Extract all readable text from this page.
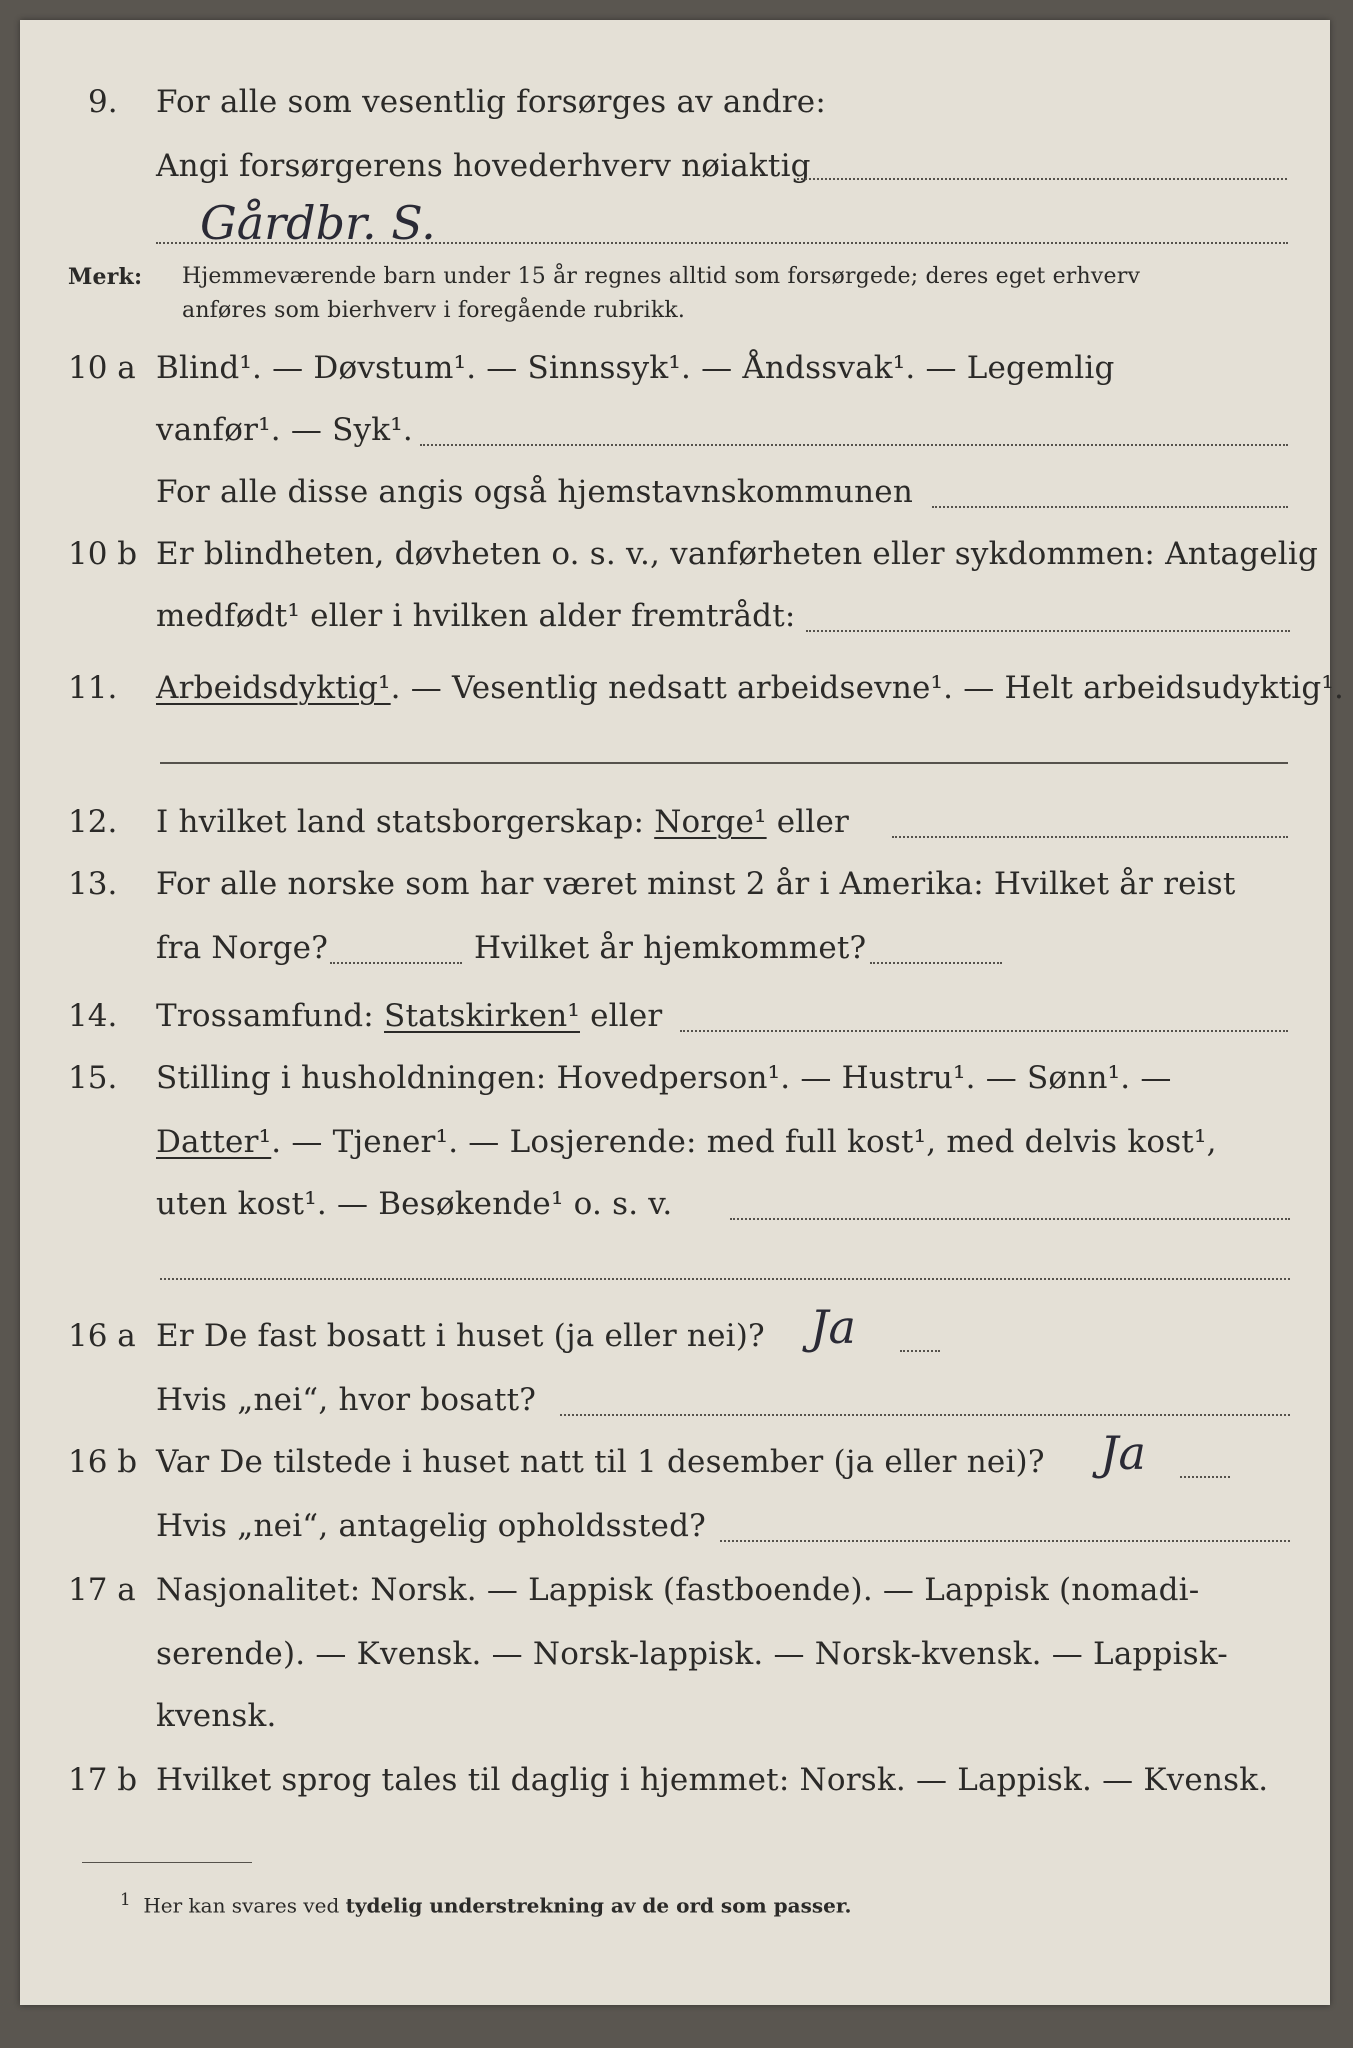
9. For alle som vesentlig forsørges av andre:
Angi forsørgerens hovederhverv nøiaktig
Gårdbr. S.
Merk: Hjemmeværende barn under 15 år regnes alltid som forsørgede; deres eget erhverv
anføres som bierhverv i foregående rubrikk.
10 a Blind¹. — Døvstum¹. — Sinnssyk¹. — Åndssvak¹. — Legemlig
vanfør¹. — Syk¹.
For alle disse angis også hjemstavnskommunen
10 b Er blindheten, døvheten o. s. v., vanførheten eller sykdommen: Antagelig
medfødt¹ eller i hvilken alder fremtrådt:
11. Arbeidsdyktig¹. — Vesentlig nedsatt arbeidsevne¹. — Helt arbeidsudyktig¹.
12. I hvilket land statsborgerskap: Norge¹ eller
13. For alle norske som har været minst 2 år i Amerika: Hvilket år reist
fra Norge?	Hvilket år hjemkommet?
14. Trossamfund: Statskirken¹ eller
15. Stilling i husholdningen: Hovedperson¹. — Hustru¹. — Sønn¹. —
Datter¹. — Tjener¹. — Losjerende: med full kost¹, med delvis kost¹,
uten kost¹. — Besøkende¹ o. s. v.
16 a Er De fast bosatt i huset (ja eller nei)? Ja
Hvis „nei“, hvor bosatt?
16 b Var De tilstede i huset natt til 1 desember (ja eller nei)? Ja
Hvis „nei“, antagelig opholdssted?
17 a Nasjonalitet: Norsk. — Lappisk (fastboende). — Lappisk (nomadi-
serende). — Kvensk. — Norsk-lappisk. — Norsk-kvensk. — Lappisk-
kvensk.
17 b Hvilket sprog tales til daglig i hjemmet: Norsk. — Lappisk. — Kvensk.
$^1$ Her kan svares ved tydelig understrekning av de ord som passer.
